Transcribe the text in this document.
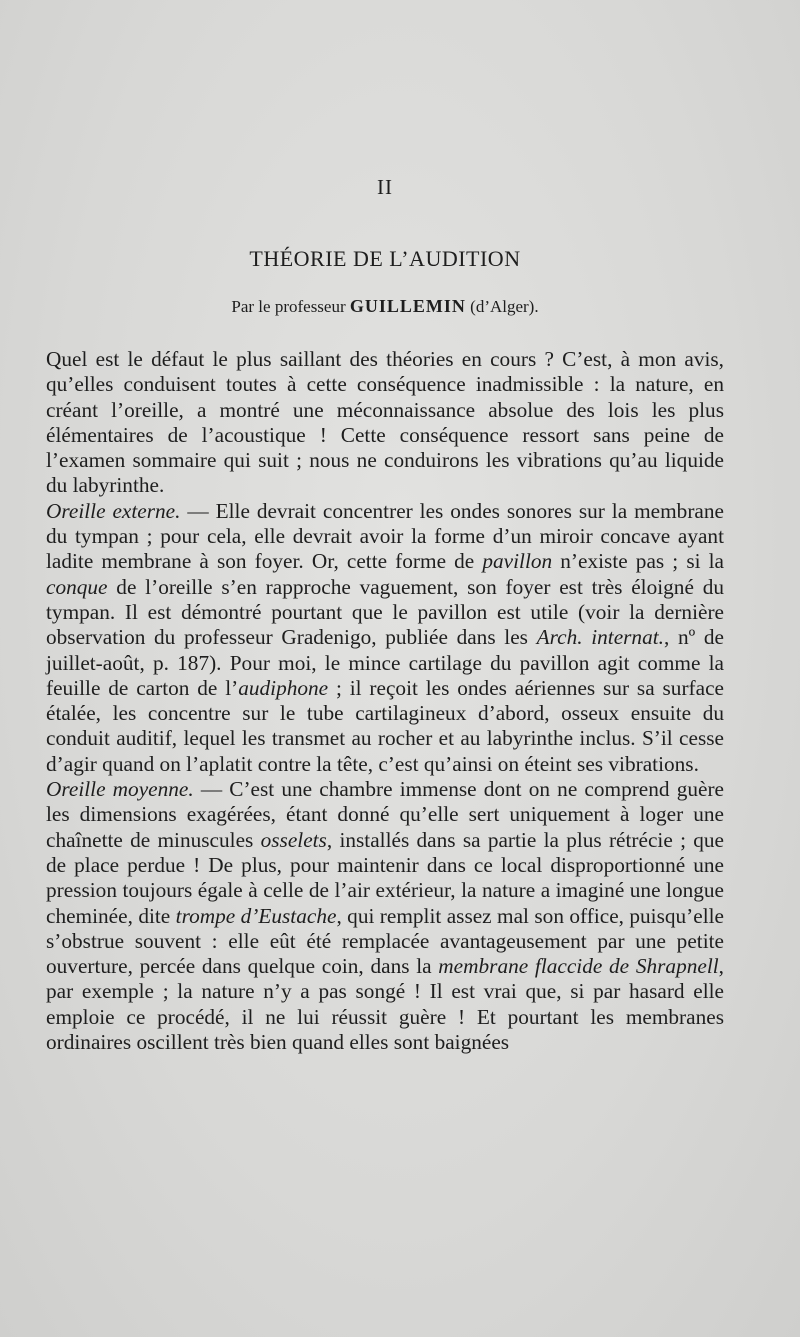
II
THÉORIE DE L’AUDITION
Par le professeur GUILLEMIN (d’Alger).

Quel est le défaut le plus saillant des théories en cours ? C’est, à mon avis, qu’elles conduisent toutes à cette conséquence inadmissible : la nature, en créant l’oreille, a montré une méconnaissance absolue des lois les plus élémentaires de l’acoustique ! Cette conséquence ressort sans peine de l’examen sommaire qui suit ; nous ne conduirons les vibrations qu’au liquide du labyrinthe.

Oreille externe. — Elle devrait concentrer les ondes sonores sur la membrane du tympan ; pour cela, elle devrait avoir la forme d’un miroir concave ayant ladite membrane à son foyer. Or, cette forme de pavillon n’existe pas ; si la conque de l’oreille s’en rapproche vaguement, son foyer est très éloigné du tympan. Il est démontré pourtant que le pavillon est utile (voir la dernière observation du professeur Gradenigo, publiée dans les Arch. internat., nº de juillet-août, p. 187). Pour moi, le mince cartilage du pavillon agit comme la feuille de carton de l’audiphone ; il reçoit les ondes aériennes sur sa surface étalée, les concentre sur le tube cartilagineux d’abord, osseux ensuite du conduit auditif, lequel les transmet au rocher et au labyrinthe inclus. S’il cesse d’agir quand on l’aplatit contre la tête, c’est qu’ainsi on éteint ses vibrations.

Oreille moyenne. — C’est une chambre immense dont on ne comprend guère les dimensions exagérées, étant donné qu’elle sert uniquement à loger une chaînette de minuscules osselets, installés dans sa partie la plus rétrécie ; que de place perdue ! De plus, pour maintenir dans ce local disproportionné une pression toujours égale à celle de l’air extérieur, la nature a imaginé une longue cheminée, dite trompe d’Eustache, qui remplit assez mal son office, puisqu’elle s’obstrue souvent : elle eût été remplacée avantageusement par une petite ouverture, percée dans quelque coin, dans la membrane flaccide de Shrapnell, par exemple ; la nature n’y a pas songé ! Il est vrai que, si par hasard elle emploie ce procédé, il ne lui réussit guère ! Et pourtant les membranes ordinaires oscillent très bien quand elles sont baignées
